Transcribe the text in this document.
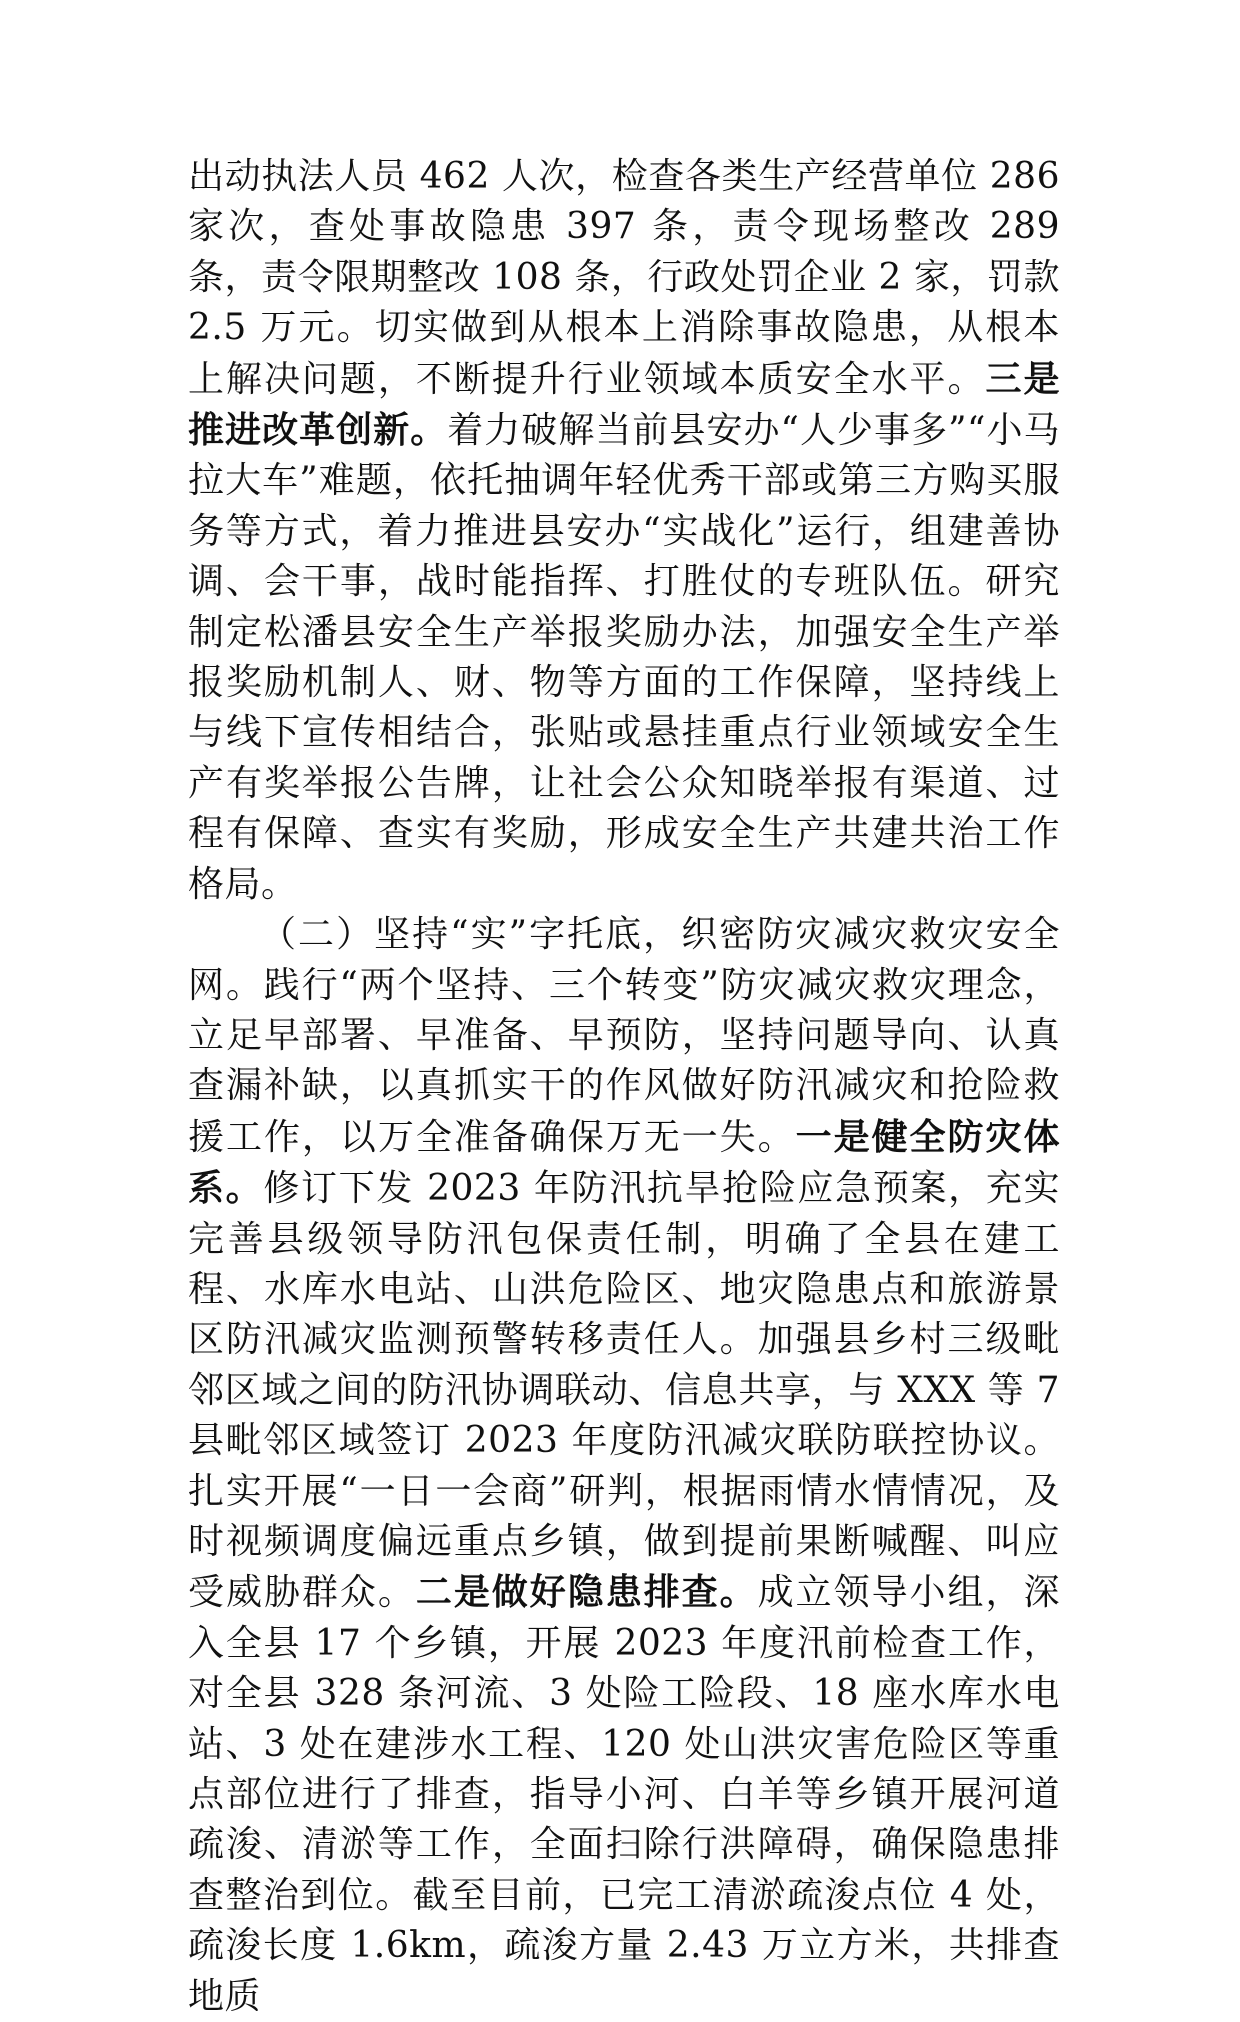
出动执法人员 462 人次，检查各类生产经营单位 286 家次，查处事故隐患 397 条，责令现场整改 289 条，责令限期整改 108 条，行政处罚企业 2 家，罚款 2.5 万元。切实做到从根本上消除事故隐患，从根本上解决问题，不断提升行业领域本质安全水平。三是推进改革创新。着力破解当前县安办“人少事多”“小马拉大车”难题，依托抽调年轻优秀干部或第三方购买服务等方式，着力推进县安办“实战化”运行，组建善协调、会干事，战时能指挥、打胜仗的专班队伍。研究制定松潘县安全生产举报奖励办法，加强安全生产举报奖励机制人、财、物等方面的工作保障，坚持线上与线下宣传相结合，张贴或悬挂重点行业领域安全生产有奖举报公告牌，让社会公众知晓举报有渠道、过程有保障、查实有奖励，形成安全生产共建共治工作格局。

（二）坚持“实”字托底，织密防灾减灾救灾安全网。践行“两个坚持、三个转变”防灾减灾救灾理念，立足早部署、早准备、早预防，坚持问题导向、认真查漏补缺，以真抓实干的作风做好防汛减灾和抢险救援工作，以万全准备确保万无一失。一是健全防灾体系。修订下发 2023 年防汛抗旱抢险应急预案，充实完善县级领导防汛包保责任制，明确了全县在建工程、水库水电站、山洪危险区、地灾隐患点和旅游景区防汛减灾监测预警转移责任人。加强县乡村三级毗邻区域之间的防汛协调联动、信息共享，与 XXX 等 7 县毗邻区域签订 2023 年度防汛减灾联防联控协议。扎实开展“一日一会商”研判，根据雨情水情情况，及时视频调度偏远重点乡镇，做到提前果断喊醒、叫应受威胁群众。二是做好隐患排查。成立领导小组，深入全县 17 个乡镇，开展 2023 年度汛前检查工作，对全县 328 条河流、3 处险工险段、18 座水库水电站、3 处在建涉水工程、120 处山洪灾害危险区等重点部位进行了排查，指导小河、白羊等乡镇开展河道疏浚、清淤等工作，全面扫除行洪障碍，确保隐患排查整治到位。截至目前，已完工清淤疏浚点位 4 处，疏浚长度 1.6km，疏浚方量 2.43 万立方米，共排查地质
